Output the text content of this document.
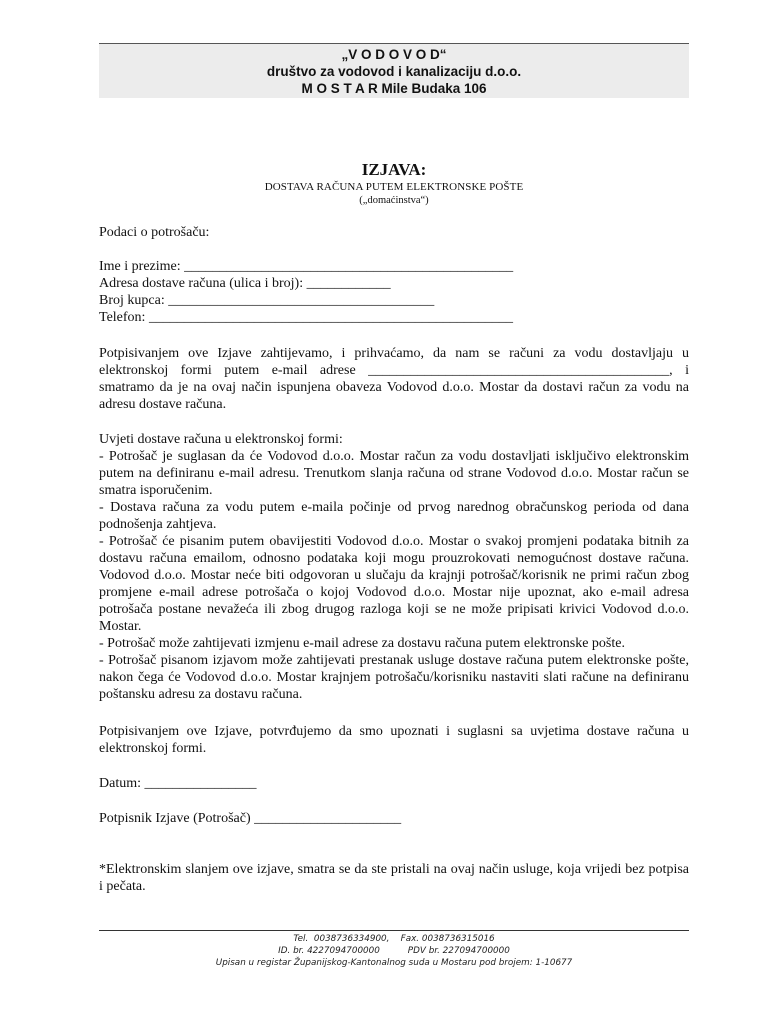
„V O D O V O D“
društvo za vodovod i kanalizaciju d.o.o.
M O S T A R Mile Budaka 106
IZJAVA:
DOSTAVA RAČUNA PUTEM ELEKTRONSKE POŠTE
(„domaćinstva“)
Podaci o potrošaču:
Ime i prezime: _______________________________________________
Adresa dostave računa (ulica i broj): ____________
Broj kupca: ______________________________________
Telefon: ____________________________________________________
Potpisivanjem ove Izjave zahtijevamo, i prihvaćamo, da nam se računi za vodu dostavljaju u elektronskoj formi putem e-mail adrese ___________________________________________, i smatramo da je na ovaj način ispunjena obaveza Vodovod d.o.o. Mostar da dostavi račun za vodu na adresu dostave računa.
Uvjeti dostave računa u elektronskoj formi:
- Potrošač je suglasan da će Vodovod d.o.o. Mostar račun za vodu dostavljati isključivo elektronskim putem na definiranu e-mail adresu. Trenutkom slanja računa od strane Vodovod d.o.o. Mostar račun se smatra isporučenim.
- Dostava računa za vodu putem e-maila počinje od prvog narednog obračunskog perioda od dana podnošenja zahtjeva.
- Potrošač će pisanim putem obavijestiti Vodovod d.o.o. Mostar o svakoj promjeni podataka bitnih za dostavu računa emailom, odnosno podataka koji mogu prouzrokovati nemogućnost dostave računa. Vodovod d.o.o. Mostar neće biti odgovoran u slučaju da krajnji potrošač/korisnik ne primi račun zbog promjene e-mail adrese potrošača o kojoj Vodovod d.o.o. Mostar nije upoznat, ako e-mail adresa potrošača postane nevažeća ili zbog drugog razloga koji se ne može pripisati krivici Vodovod d.o.o. Mostar.
- Potrošač može zahtijevati izmjenu e-mail adrese za dostavu računa putem elektronske pošte.
- Potrošač pisanom izjavom može zahtijevati prestanak usluge dostave računa putem elektronske pošte, nakon čega će Vodovod d.o.o. Mostar krajnjem potrošaču/korisniku nastaviti slati račune na definiranu poštansku adresu za dostavu računa.
Potpisivanjem ove Izjave, potvrđujemo da smo upoznati i suglasni sa uvjetima dostave računa u elektronskoj formi.
Datum: ________________
Potpisnik Izjave (Potrošač) _____________________
*Elektronskim slanjem ove izjave, smatra se da ste pristali na ovaj način usluge, koja vrijedi bez potpisa i pečata.
Tel.  0038736334900,    Fax. 0038736315016
ID. br. 4227094700000          PDV br. 227094700000
Upisan u registar Županijskog-Kantonalnog suda u Mostaru pod brojem: 1-10677
